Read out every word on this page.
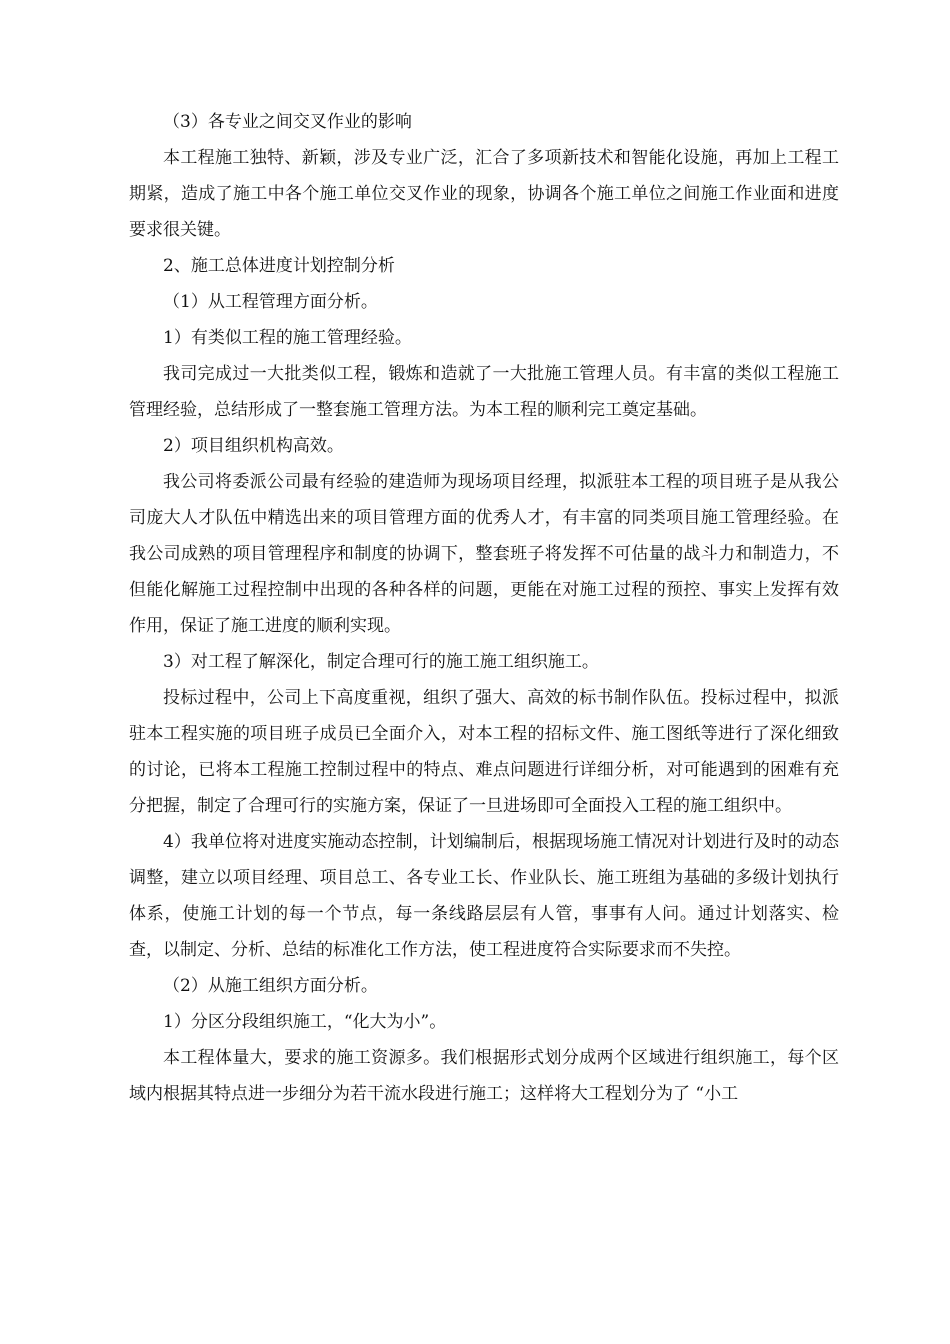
（3）各专业之间交叉作业的影响

本工程施工独特、新颖，涉及专业广泛，汇合了多项新技术和智能化设施，再加上工程工期紧，造成了施工中各个施工单位交叉作业的现象，协调各个施工单位之间施工作业面和进度要求很关键。

2、施工总体进度计划控制分析

（1）从工程管理方面分析。

1）有类似工程的施工管理经验。

我司完成过一大批类似工程，锻炼和造就了一大批施工管理人员。有丰富的类似工程施工管理经验，总结形成了一整套施工管理方法。为本工程的顺利完工奠定基础。

2）项目组织机构高效。

我公司将委派公司最有经验的建造师为现场项目经理，拟派驻本工程的项目班子是从我公司庞大人才队伍中精选出来的项目管理方面的优秀人才，有丰富的同类项目施工管理经验。在我公司成熟的项目管理程序和制度的协调下，整套班子将发挥不可估量的战斗力和制造力，不但能化解施工过程控制中出现的各种各样的问题，更能在对施工过程的预控、事实上发挥有效作用，保证了施工进度的顺利实现。

3）对工程了解深化，制定合理可行的施工施工组织施工。

投标过程中，公司上下高度重视，组织了强大、高效的标书制作队伍。投标过程中，拟派驻本工程实施的项目班子成员已全面介入，对本工程的招标文件、施工图纸等进行了深化细致的讨论，已将本工程施工控制过程中的特点、难点问题进行详细分析，对可能遇到的困难有充分把握，制定了合理可行的实施方案，保证了一旦进场即可全面投入工程的施工组织中。

4）我单位将对进度实施动态控制，计划编制后，根据现场施工情况对计划进行及时的动态调整，建立以项目经理、项目总工、各专业工长、作业队长、施工班组为基础的多级计划执行体系，使施工计划的每一个节点，每一条线路层层有人管，事事有人问。通过计划落实、检查，以制定、分析、总结的标准化工作方法，使工程进度符合实际要求而不失控。

（2）从施工组织方面分析。

1）分区分段组织施工，“化大为小”。

本工程体量大，要求的施工资源多。我们根据形式划分成两个区域进行组织施工，每个区域内根据其特点进一步细分为若干流水段进行施工；这样将大工程划分为了 “小工
